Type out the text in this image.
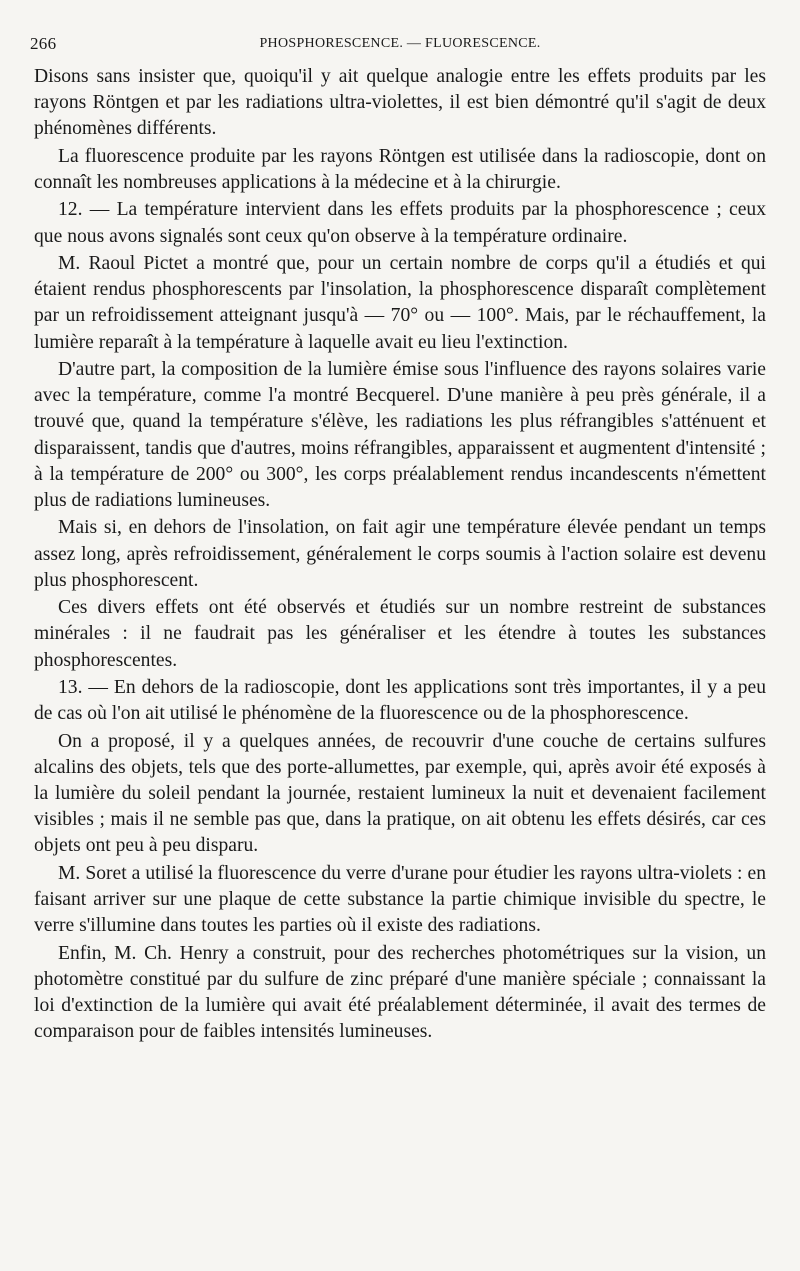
266	PHOSPHORESCENCE. — FLUORESCENCE.

Disons sans insister que, quoiqu'il y ait quelque analogie entre les effets produits par les rayons Röntgen et par les radiations ultra-violettes, il est bien démontré qu'il s'agit de deux phénomènes différents.

La fluorescence produite par les rayons Röntgen est utilisée dans la radioscopie, dont on connaît les nombreuses applications à la médecine et à la chirurgie.

12. — La température intervient dans les effets produits par la phosphorescence ; ceux que nous avons signalés sont ceux qu'on observe à la température ordinaire.

M. Raoul Pictet a montré que, pour un certain nombre de corps qu'il a étudiés et qui étaient rendus phosphorescents par l'insolation, la phosphorescence disparaît complètement par un refroidissement atteignant jusqu'à — 70° ou — 100°. Mais, par le réchauffement, la lumière reparaît à la température à laquelle avait eu lieu l'extinction.

D'autre part, la composition de la lumière émise sous l'influence des rayons solaires varie avec la température, comme l'a montré Becquerel. D'une manière à peu près générale, il a trouvé que, quand la température s'élève, les radiations les plus réfrangibles s'atténuent et disparaissent, tandis que d'autres, moins réfrangibles, apparaissent et augmentent d'intensité ; à la température de 200° ou 300°, les corps préalablement rendus incandescents n'émettent plus de radiations lumineuses.

Mais si, en dehors de l'insolation, on fait agir une température élevée pendant un temps assez long, après refroidissement, généralement le corps soumis à l'action solaire est devenu plus phosphorescent.

Ces divers effets ont été observés et étudiés sur un nombre restreint de substances minérales : il ne faudrait pas les généraliser et les étendre à toutes les substances phosphorescentes.

13. — En dehors de la radioscopie, dont les applications sont très importantes, il y a peu de cas où l'on ait utilisé le phénomène de la fluorescence ou de la phosphorescence.

On a proposé, il y a quelques années, de recouvrir d'une couche de certains sulfures alcalins des objets, tels que des porte-allumettes, par exemple, qui, après avoir été exposés à la lumière du soleil pendant la journée, restaient lumineux la nuit et devenaient facilement visibles ; mais il ne semble pas que, dans la pratique, on ait obtenu les effets désirés, car ces objets ont peu à peu disparu.

M. Soret a utilisé la fluorescence du verre d'urane pour étudier les rayons ultra-violets : en faisant arriver sur une plaque de cette substance la partie chimique invisible du spectre, le verre s'illumine dans toutes les parties où il existe des radiations.

Enfin, M. Ch. Henry a construit, pour des recherches photométriques sur la vision, un photomètre constitué par du sulfure de zinc préparé d'une manière spéciale ; connaissant la loi d'extinction de la lumière qui avait été préalablement déterminée, il avait des termes de comparaison pour de faibles intensités lumineuses.
